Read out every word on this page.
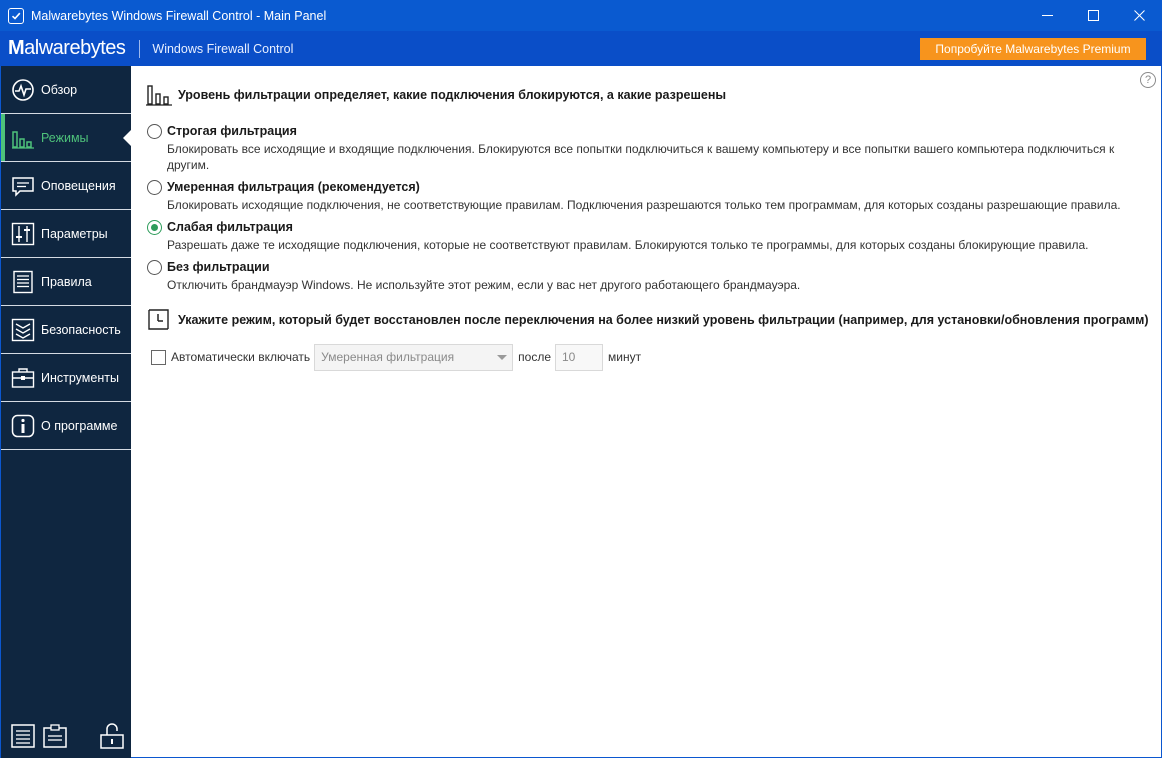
Malwarebytes Windows Firewall Control - Main Panel
M alwarebytes Windows Firewall Control	Попробуйте Malwarebytes Premium
Обзор
Режимы
Оповещения
Параметры
Правила
Безопасность
Инструменты
О программе
?
Уровень фильтрации определяет, какие подключения блокируются, а какие разрешены
Строгая фильтрация
Блокировать все исходящие и входящие подключения. Блокируются все попытки подключиться к вашему компьютеру и все попытки вашего компьютера подключиться к другим.
Умеренная фильтрация (рекомендуется)
Блокировать исходящие подключения, не соответствующие правилам. Подключения разрешаются только тем программам, для которых созданы разрешающие правила.
Слабая фильтрация
Разрешать даже те исходящие подключения, которые не соответствуют правилам. Блокируются только те программы, для которых созданы блокирующие правила.
Без фильтрации
Отключить брандмауэр Windows. Не используйте этот режим, если у вас нет другого работающего брандмауэра.
Укажите режим, который будет восстановлен после переключения на более низкий уровень фильтрации (например, для установки/обновления программ)
Автоматически включать Умеренная фильтрация	после 10	минут
